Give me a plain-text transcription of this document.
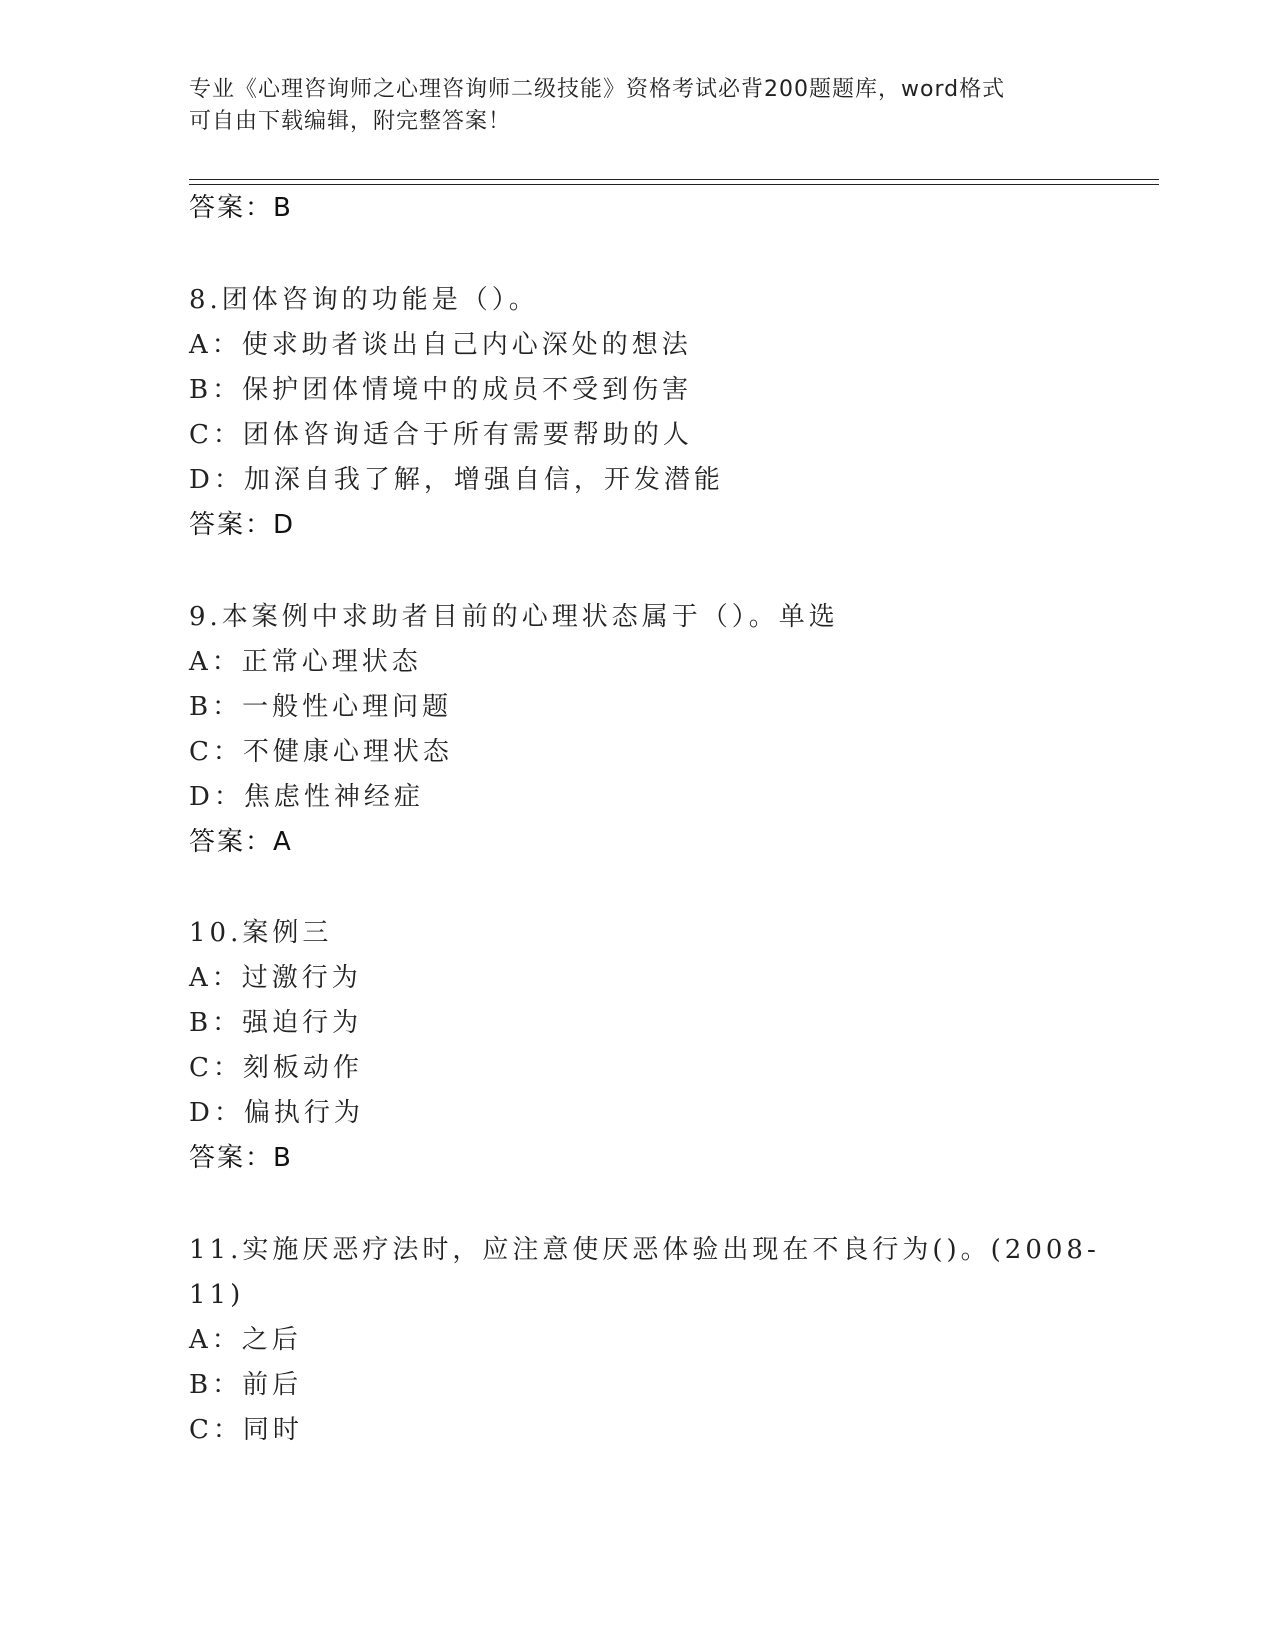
专业《心理咨询师之心理咨询师二级技能》资格考试必背200题题库，word格式
可自由下载编辑，附完整答案！
答案：B
8.团体咨询的功能是（）。
A：使求助者谈出自己内心深处的想法
B：保护团体情境中的成员不受到伤害
C：团体咨询适合于所有需要帮助的人
D：加深自我了解，增强自信，开发潜能
答案：D
9.本案例中求助者目前的心理状态属于（）。单选
A：正常心理状态
B：一般性心理问题
C：不健康心理状态
D：焦虑性神经症
答案：A
10.案例三
A：过激行为
B：强迫行为
C：刻板动作
D：偏执行为
答案：B
11.实施厌恶疗法时，应注意使厌恶体验出现在不良行为()。(2008-
11)
A：之后
B：前后
C：同时
